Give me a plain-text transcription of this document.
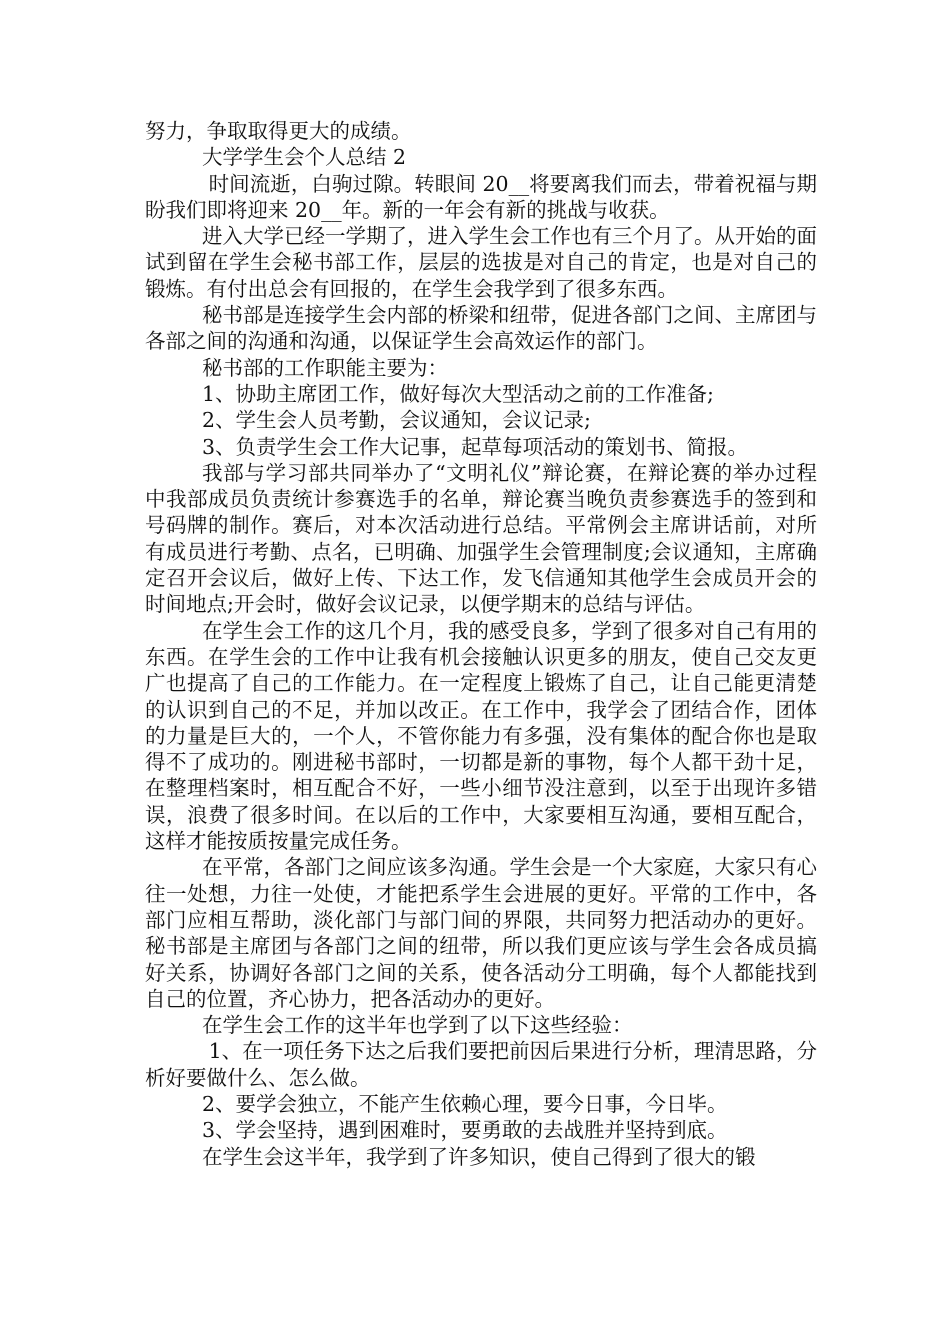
努力，争取取得更大的成绩。

大学学生会个人总结 2

时间流逝，白驹过隙。转眼间 20__将要离我们而去，带着祝福与期盼我们即将迎来 20__年。新的一年会有新的挑战与收获。

进入大学已经一学期了，进入学生会工作也有三个月了。从开始的面试到留在学生会秘书部工作，层层的选拔是对自己的肯定，也是对自己的锻炼。有付出总会有回报的，在学生会我学到了很多东西。

秘书部是连接学生会内部的桥梁和纽带，促进各部门之间、主席团与各部之间的沟通和沟通，以保证学生会高效运作的部门。

秘书部的工作职能主要为：

1、协助主席团工作，做好每次大型活动之前的工作准备;

2、学生会人员考勤，会议通知，会议记录;

3、负责学生会工作大记事，起草每项活动的策划书、简报。

我部与学习部共同举办了“文明礼仪”辩论赛，在辩论赛的举办过程中我部成员负责统计参赛选手的名单，辩论赛当晚负责参赛选手的签到和号码牌的制作。赛后，对本次活动进行总结。平常例会主席讲话前，对所有成员进行考勤、点名，已明确、加强学生会管理制度;会议通知，主席确定召开会议后，做好上传、下达工作，发飞信通知其他学生会成员开会的时间地点;开会时，做好会议记录，以便学期末的总结与评估。

在学生会工作的这几个月，我的感受良多，学到了很多对自己有用的东西。在学生会的工作中让我有机会接触认识更多的朋友，使自己交友更广也提高了自己的工作能力。在一定程度上锻炼了自己，让自己能更清楚的认识到自己的不足，并加以改正。在工作中，我学会了团结合作，团体的力量是巨大的，一个人，不管你能力有多强，没有集体的配合你也是取得不了成功的。刚进秘书部时，一切都是新的事物，每个人都干劲十足，在整理档案时，相互配合不好，一些小细节没注意到，以至于出现许多错误，浪费了很多时间。在以后的工作中，大家要相互沟通，要相互配合，这样才能按质按量完成任务。

在平常，各部门之间应该多沟通。学生会是一个大家庭，大家只有心往一处想，力往一处使，才能把系学生会进展的更好。平常的工作中，各部门应相互帮助，淡化部门与部门间的界限，共同努力把活动办的更好。秘书部是主席团与各部门之间的纽带，所以我们更应该与学生会各成员搞好关系，协调好各部门之间的关系，使各活动分工明确，每个人都能找到自己的位置，齐心协力，把各活动办的更好。

在学生会工作的这半年也学到了以下这些经验：

1、在一项任务下达之后我们要把前因后果进行分析，理清思路，分析好要做什么、怎么做。

2、要学会独立，不能产生依赖心理，要今日事，今日毕。

3、学会坚持，遇到困难时，要勇敢的去战胜并坚持到底。

在学生会这半年，我学到了许多知识，使自己得到了很大的锻
